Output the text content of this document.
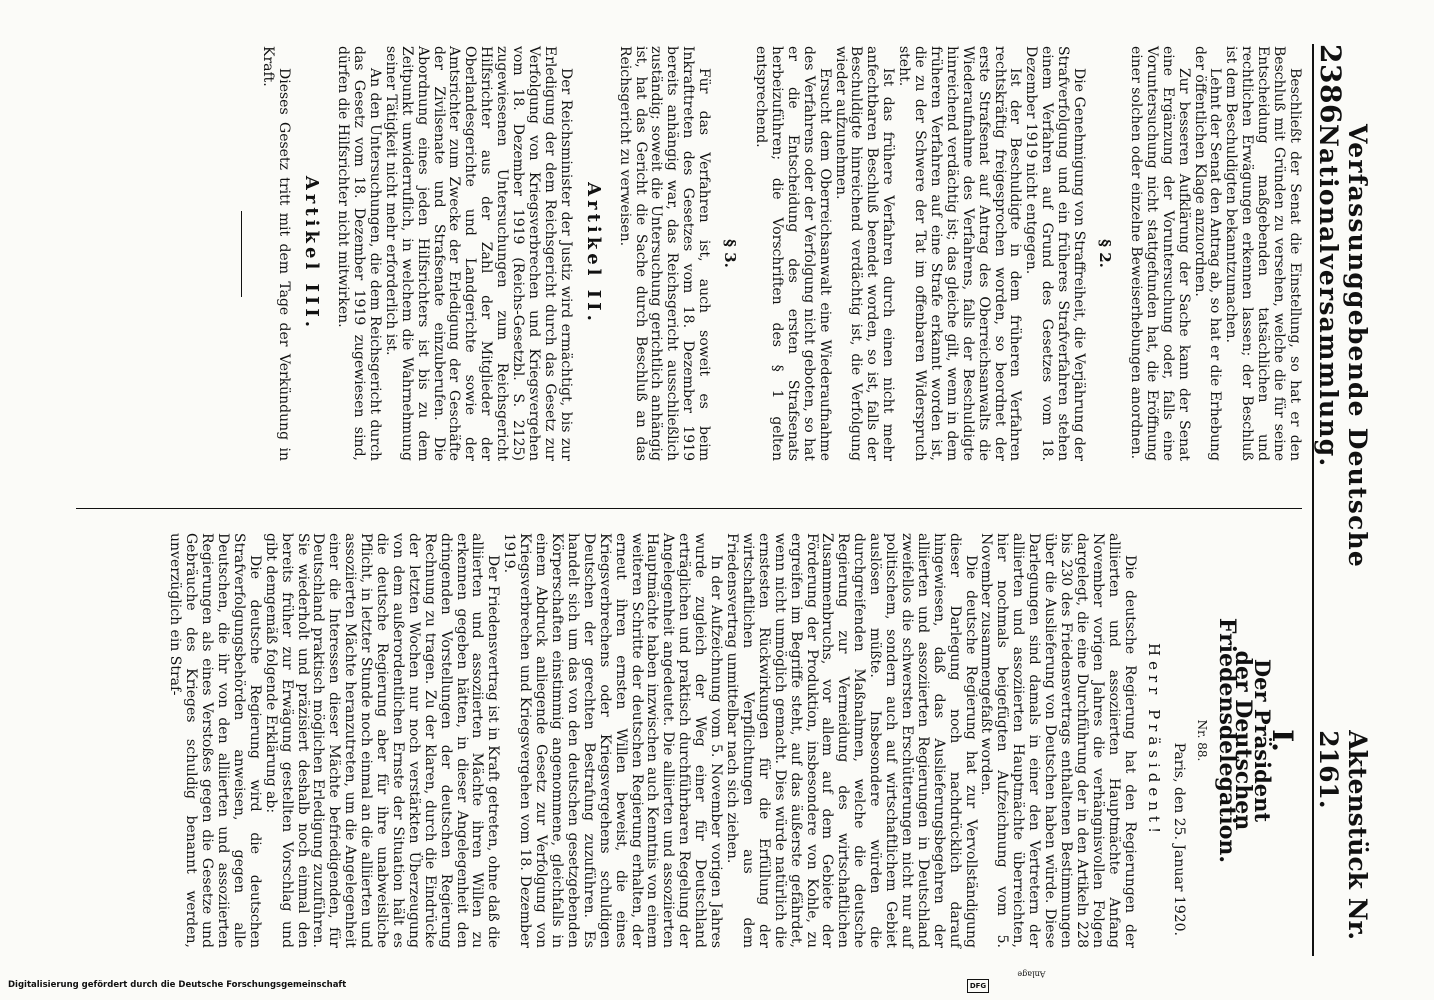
2386
Verfassunggebende Deutsche Nationalversammlung.
Aktenstück Nr. 2161.

Beschließt der Senat die Einstellung, so hat er den Beschluß mit Gründen zu versehen, welche die für seine Entscheidung maßgebenden tatsächlichen und rechtlichen Erwägungen erkennen lassen; der Beschluß ist dem Beschuldigten bekanntzumachen.

Lehnt der Senat den Antrag ab, so hat er die Erhebung der öffentlichen Klage anzuordnen.

Zur besseren Aufklärung der Sache kann der Senat eine Ergänzung der Voruntersuchung oder, falls eine Voruntersuchung nicht stattgefunden hat, die Eröffnung einer solchen oder einzelne Beweiserhebungen anordnen.

§ 2.

Die Genehmigung von Straffreiheit, die Verjährung der Strafverfolgung und ein früheres Strafverfahren stehen einem Verfahren auf Grund des Gesetzes vom 18. Dezember 1919 nicht entgegen.

Ist der Beschuldigte in dem früheren Verfahren rechtskräftig freigesprochen worden, so beordnet der erste Strafsenat auf Antrag des Oberreichsanwalts die Wiederaufnahme des Verfahrens, falls der Beschuldigte hinreichend verdächtig ist; das gleiche gilt, wenn in dem früheren Verfahren auf eine Strafe erkannt worden ist, die zu der Schwere der Tat im offenbaren Widerspruch steht.

Ist das frühere Verfahren durch einen nicht mehr anfechtbaren Beschluß beendet worden, so ist, falls der Beschuldigte hinreichend verdächtig ist, die Verfolgung wieder aufzunehmen.

Ersucht dem Oberreichsanwalt eine Wiederaufnahme des Verfahrens oder der Verfolgung nicht geboten, so hat er die Entscheidung des ersten Strafsenats herbeizuführen; die Vorschriften des § 1 gelten entsprechend.

§ 3.

Für das Verfahren ist, auch soweit es beim Inkrafttreten des Gesetzes vom 18. Dezember 1919 bereits anhängig war, das Reichsgericht ausschließlich zuständig; soweit die Untersuchung gerichtlich anhängig ist, hat das Gericht die Sache durch Beschluß an das Reichsgericht zu verweisen.

Artikel II.

Der Reichsminister der Justiz wird ermächtigt, bis zur Erledigung der dem Reichsgericht durch das Gesetz zur Verfolgung von Kriegsverbrechen und Kriegsvergehen vom 18. Dezember 1919 (Reichs-Gesetzbl. S. 2125) zugewiesenen Untersuchungen zum Reichsgericht Hilfsrichter aus der Zahl der Mitglieder der Oberlandesgerichte und Landgerichte sowie der Amtsrichter zum Zwecke der Erledigung der Geschäfte der Zivilsenate und Strafsenate einzuberufen. Die Abordnung eines jeden Hilfsrichters ist bis zu dem Zeitpunkt unwiderruflich, in welchem die Wahrnehmung seiner Tätigkeit nicht mehr erforderlich ist.

An den Untersuchungen, die dem Reichsgericht durch das Gesetz vom 18. Dezember 1919 zugewiesen sind, dürfen die Hilfsrichter nicht mitwirken.

Artikel III.

Dieses Gesetz tritt mit dem Tage der Verkündung in Kraft.

I.
Der Präsident
der Deutschen Friedensdelegation.
Nr. 88.
Paris, den 25. Januar 1920.
Herr Präsident!

Die deutsche Regierung hat den Regierungen der alliierten und assoziierten Hauptmächte Anfang November vorigen Jahres die verhängnisvollen Folgen dargelegt, die eine Durchführung der in den Artikeln 228 bis 230 des Friedensvertrags enthaltenen Bestimmungen über die Auslieferung von Deutschen haben würde. Diese Darlegungen sind damals in einer den Vertretern der alliierten und assoziierten Hauptmächte überreichten, hier nochmals beigefügten Aufzeichnung vom 5. November zusammengefaßt worden.

Die deutsche Regierung hat zur Vervollständigung dieser Darlegung noch nachdrücklich darauf hingewiesen, daß das Auslieferungsbegehren der alliierten und assoziierten Regierungen in Deutschland zweifellos die schwersten Erschütterungen nicht nur auf politischem, sondern auch auf wirtschaftlichem Gebiet auslösen müßte. Insbesondere würden die durchgreifenden Maßnahmen, welche die deutsche Regierung zur Vermeidung des wirtschaftlichen Zusammenbruchs, vor allem auf dem Gebiete der Förderung der Produktion, insbesondere von Kohle, zu ergreifen im Begriffe steht, auf das äußerste gefährdet, wenn nicht unmöglich gemacht. Dies würde natürlich die ernstesten Rückwirkungen für die Erfüllung der wirtschaftlichen Verpflichtungen aus dem Friedensvertrag unmittelbar nach sich ziehen.

In der Aufzeichnung vom 5. November vorigen Jahres wurde zugleich der Weg einer für Deutschland erträglichen und praktisch durchführbaren Regelung der Angelegenheit angedeutet. Die alliierten und assoziierten Hauptmächte haben inzwischen auch Kenntnis von einem weiteren Schritte der deutschen Regierung erhalten, der erneut ihren ernsten Willen beweist, die eines Kriegsverbrechens oder Kriegsvergehens schuldigen Deutschen der gerechten Bestrafung zuzuführen. Es handelt sich um das von den deutschen gesetzgebenden Körperschaften einstimmig angenommene, gleichfalls in einem Abdruck anliegende Gesetz zur Verfolgung von Kriegsverbrechen und Kriegsvergehen vom 18. Dezember 1919.

Der Friedensvertrag ist in Kraft getreten, ohne daß die alliierten und assoziierten Mächte ihren Willen zu erkennen gegeben hätten, in dieser Angelegenheit den dringenden Vorstellungen der deutschen Regierung Rechnung zu tragen. Zu der klaren, durch die Eindrücke der letzten Wochen nur noch verstärkten Überzeugung von dem außerordentlichen Ernste der Situation hält es die deutsche Regierung aber für ihre unabweisliche Pflicht, in letzter Stunde noch einmal an die alliierten und assoziierten Mächte heranzutreten, um die Angelegenheit einer die Interessen dieser Mächte befriedigenden, für Deutschland praktisch möglichen Erledigung zuzuführen. Sie wiederholt und präzisiert deshalb noch einmal den bereits früher zur Erwägung gestellten Vorschlag und gibt demgemäß folgende Erklärung ab:

Die deutsche Regierung wird die deutschen Strafverfolgungsbehörden anweisen, gegen alle Deutschen, die ihr von den alliierten und assoziierten Regierungen als eines Verstoßes gegen die Gesetze und Gebräuche des Krieges schuldig benannt werden, unverzüglich ein Straf-

Anlage
Digitalisierung gefördert durch die Deutsche Forschungsgemeinschaft	DFG
